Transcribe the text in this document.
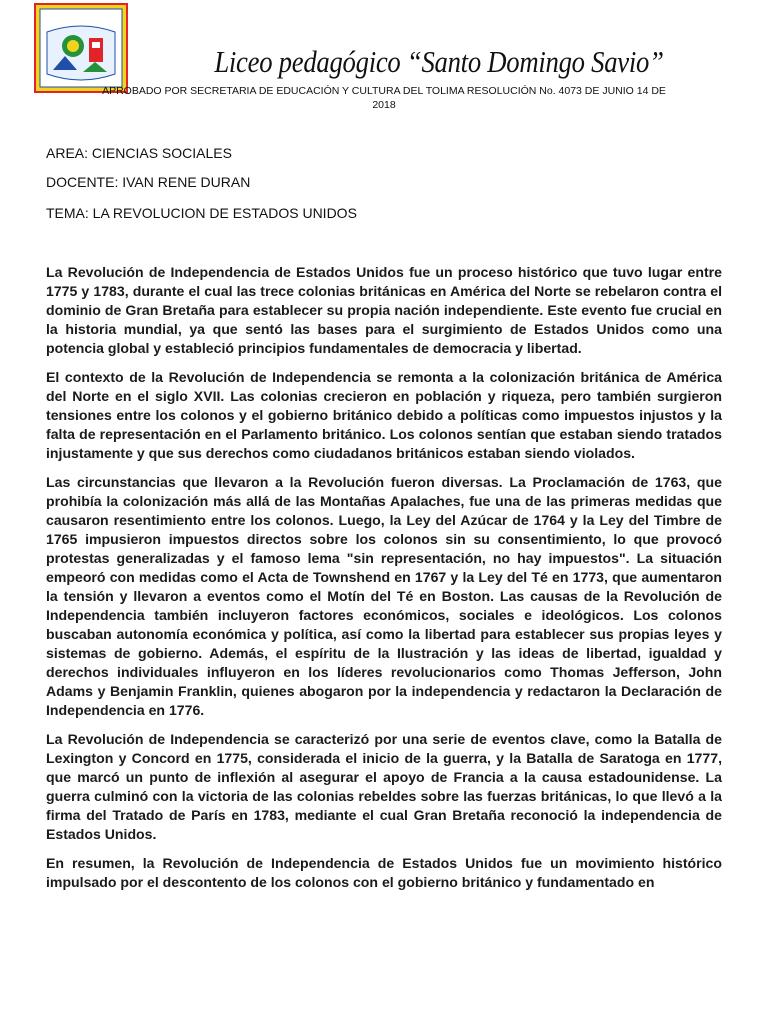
Liceo pedagógico “Santo Domingo Savio”

APROBADO POR SECRETARIA DE EDUCACIÓN Y CULTURA DEL TOLIMA RESOLUCIÓN No. 4073 DE JUNIO 14 DE 2018

AREA: CIENCIAS SOCIALES

DOCENTE: IVAN RENE DURAN

TEMA: LA REVOLUCION DE ESTADOS UNIDOS

La Revolución de Independencia de Estados Unidos fue un proceso histórico que tuvo lugar entre 1775 y 1783, durante el cual las trece colonias británicas en América del Norte se rebelaron contra el dominio de Gran Bretaña para establecer su propia nación independiente. Este evento fue crucial en la historia mundial, ya que sentó las bases para el surgimiento de Estados Unidos como una potencia global y estableció principios fundamentales de democracia y libertad.

El contexto de la Revolución de Independencia se remonta a la colonización británica de América del Norte en el siglo XVII. Las colonias crecieron en población y riqueza, pero también surgieron tensiones entre los colonos y el gobierno británico debido a políticas como impuestos injustos y la falta de representación en el Parlamento británico. Los colonos sentían que estaban siendo tratados injustamente y que sus derechos como ciudadanos británicos estaban siendo violados.

Las circunstancias que llevaron a la Revolución fueron diversas. La Proclamación de 1763, que prohibía la colonización más allá de las Montañas Apalaches, fue una de las primeras medidas que causaron resentimiento entre los colonos. Luego, la Ley del Azúcar de 1764 y la Ley del Timbre de 1765 impusieron impuestos directos sobre los colonos sin su consentimiento, lo que provocó protestas generalizadas y el famoso lema "sin representación, no hay impuestos". La situación empeoró con medidas como el Acta de Townshend en 1767 y la Ley del Té en 1773, que aumentaron la tensión y llevaron a eventos como el Motín del Té en Boston. Las causas de la Revolución de Independencia también incluyeron factores económicos, sociales e ideológicos. Los colonos buscaban autonomía económica y política, así como la libertad para establecer sus propias leyes y sistemas de gobierno. Además, el espíritu de la Ilustración y las ideas de libertad, igualdad y derechos individuales influyeron en los líderes revolucionarios como Thomas Jefferson, John Adams y Benjamin Franklin, quienes abogaron por la independencia y redactaron la Declaración de Independencia en 1776.

La Revolución de Independencia se caracterizó por una serie de eventos clave, como la Batalla de Lexington y Concord en 1775, considerada el inicio de la guerra, y la Batalla de Saratoga en 1777, que marcó un punto de inflexión al asegurar el apoyo de Francia a la causa estadounidense. La guerra culminó con la victoria de las colonias rebeldes sobre las fuerzas británicas, lo que llevó a la firma del Tratado de París en 1783, mediante el cual Gran Bretaña reconoció la independencia de Estados Unidos.

En resumen, la Revolución de Independencia de Estados Unidos fue un movimiento histórico impulsado por el descontento de los colonos con el gobierno británico y fundamentado en
